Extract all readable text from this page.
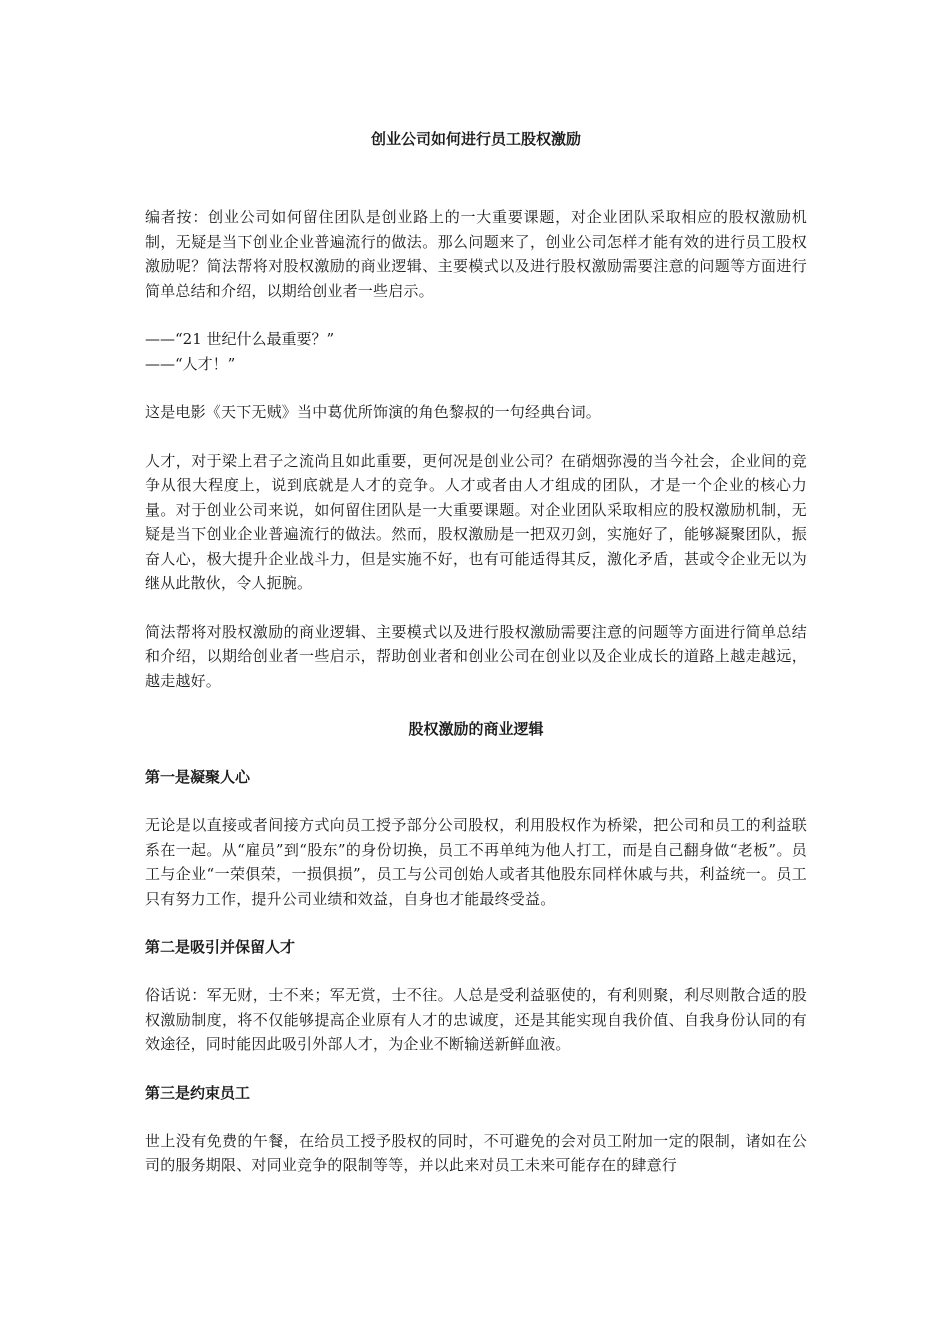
创业公司如何进行员工股权激励

编者按：创业公司如何留住团队是创业路上的一大重要课题，对企业团队采取相应的股权激励机制，无疑是当下创业企业普遍流行的做法。那么问题来了，创业公司怎样才能有效的进行员工股权激励呢？简法帮将对股权激励的商业逻辑、主要模式以及进行股权激励需要注意的问题等方面进行简单总结和介绍，以期给创业者一些启示。

——“21 世纪什么最重要？”

——“人才！”

这是电影《天下无贼》当中葛优所饰演的角色黎叔的一句经典台词。

人才，对于梁上君子之流尚且如此重要，更何况是创业公司？在硝烟弥漫的当今社会，企业间的竞争从很大程度上，说到底就是人才的竞争。人才或者由人才组成的团队，才是一个企业的核心力量。对于创业公司来说，如何留住团队是一大重要课题。对企业团队采取相应的股权激励机制，无疑是当下创业企业普遍流行的做法。然而，股权激励是一把双刃剑，实施好了，能够凝聚团队，振奋人心，极大提升企业战斗力，但是实施不好，也有可能适得其反，激化矛盾，甚或令企业无以为继从此散伙，令人扼腕。

简法帮将对股权激励的商业逻辑、主要模式以及进行股权激励需要注意的问题等方面进行简单总结和介绍，以期给创业者一些启示，帮助创业者和创业公司在创业以及企业成长的道路上越走越远，越走越好。

股权激励的商业逻辑
第一是凝聚人心

无论是以直接或者间接方式向员工授予部分公司股权，利用股权作为桥梁，把公司和员工的利益联系在一起。从“雇员”到“股东”的身份切换，员工不再单纯为他人打工，而是自己翻身做“老板”。员工与企业“一荣俱荣，一损俱损”，员工与公司创始人或者其他股东同样休戚与共，利益统一。员工只有努力工作，提升公司业绩和效益，自身也才能最终受益。

第二是吸引并保留人才

俗话说：军无财，士不来；军无赏，士不往。人总是受利益驱使的，有利则聚，利尽则散合适的股权激励制度，将不仅能够提高企业原有人才的忠诚度，还是其能实现自我价值、自我身份认同的有效途径，同时能因此吸引外部人才，为企业不断输送新鲜血液。

第三是约束员工

世上没有免费的午餐，在给员工授予股权的同时，不可避免的会对员工附加一定的限制，诸如在公司的服务期限、对同业竞争的限制等等，并以此来对员工未来可能存在的肆意行
